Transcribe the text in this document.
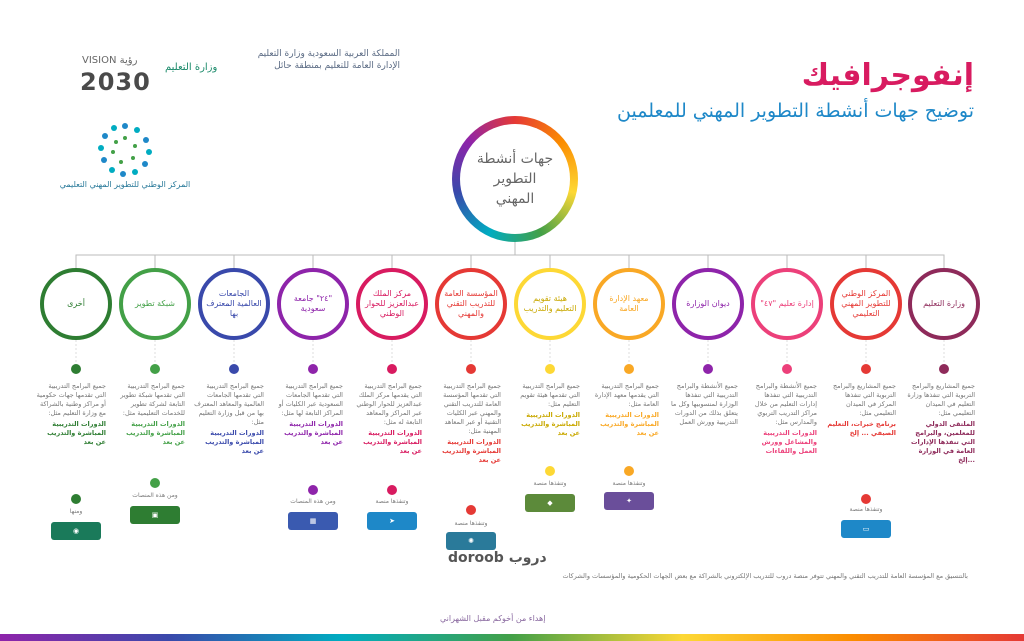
إنفوجرافيك
توضيح جهات أنشطة التطوير المهني للمعلمين
المملكة العربية السعودية وزارة التعليم الإدارة العامة للتعليم بمنطقة حائل
وزارة التعليم
VISION رؤية
2030
المركز الوطني للتطوير المهني التعليمي
جهات أنشطة التطوير المهني
وزارة التعليم
المركز الوطني للتطوير المهني التعليمي
إدارة تعليم "٤٧"
ديوان الوزارة
معهد الإدارة العامة
هيئة تقويم التعليم والتدريب
المؤسسة العامة للتدريب التقني والمهني
مركز الملك عبدالعزيز للحوار الوطني
"٢٤" جامعة سعودية
الجامعات العالمية المعترف بها
شبكة تطوير
أخرى
جميع المشاريع والبرامج التربوية التي تنفذها وزارة التعليم في الميدان التعليمي مثل:
الملتقى الدولي للمعلمين، والبرامج التي تنفذها الإدارات العامة في الوزارة ...إلخ
جميع المشاريع والبرامج التربوية التي تنفذها المركز في الميدان التعليمي مثل:
برنامج خبرات، التعليم الصيفي ... إلخ
جميع الأنشطة والبرامج التدريبية التي تنفذها إدارات التعليم من خلال مراكز التدريب التربوي والمدارس مثل:
الدورات التدريبية والمشاغل وورش العمل واللقاءات
جميع الأنشطة والبرامج التدريبية التي تنفذها الوزارة لمنسوبيها وكل ما يتعلق بذلك من الدورات التدريبية وورش العمل
جميع البرامج التدريبية التي يقدمها معهد الإدارة العامة مثل:
الدورات التدريبية المباشرة والتدريب عن بعد
جميع البرامج التدريبية التي تقدمها هيئة تقويم التعليم مثل:
الدورات التدريبية المباشرة والتدريب عن بعد
جميع البرامج التدريبية التي تقدمها المؤسسة العامة للتدريب التقني والمهني عبر الكليات التقنية أو عبر المعاهد المهنية مثل:
الدورات التدريبية المباشرة والتدريب عن بعد
جميع البرامج التدريبية التي يقدمها مركز الملك عبدالعزيز للحوار الوطني عبر المراكز والمعاهد التابعة له مثل:
الدورات التدريبية المباشرة والتدريب عن بعد
جميع البرامج التدريبية التي تقدمها الجامعات السعودية عبر الكليات أو المراكز التابعة لها مثل:
الدورات التدريبية المباشرة والتدريب عن بعد
جميع البرامج التدريبية التي تقدمها الجامعات العالمية والمعاهد المعترف بها من قبل وزارة التعليم مثل:
الدورات التدريبية المباشرة والتدريب عن بعد
جميع البرامج التدريبية التي تقدمها شبكة تطوير التابعة لشركة تطوير للخدمات التعليمية مثل:
الدورات التدريبية المباشرة والتدريب عن بعد
جميع البرامج التدريبية التي تقدمها جهات حكومية أو مراكز وطنية بالشراكة مع وزارة التعليم مثل:
الدورات التدريبية المباشرة والتدريب عن بعد
وتنفذها منصة
▭
وتنفذها منصة
✦
وتنفذها منصة
◆
وتنفذها منصة
✺
وتنفذها منصة
➤
ومن هذه المنصات
▦
ومن هذه المنصات
▣
ومنها
◉
doroob دروب
بالتنسيق مع المؤسسة العامة للتدريب التقني والمهني تتوفر منصة دروب للتدريب الإلكتروني بالشراكة مع بعض الجهات الحكومية والمؤسسات والشركات
إهداء من أخوكم مقبل الشهراني
